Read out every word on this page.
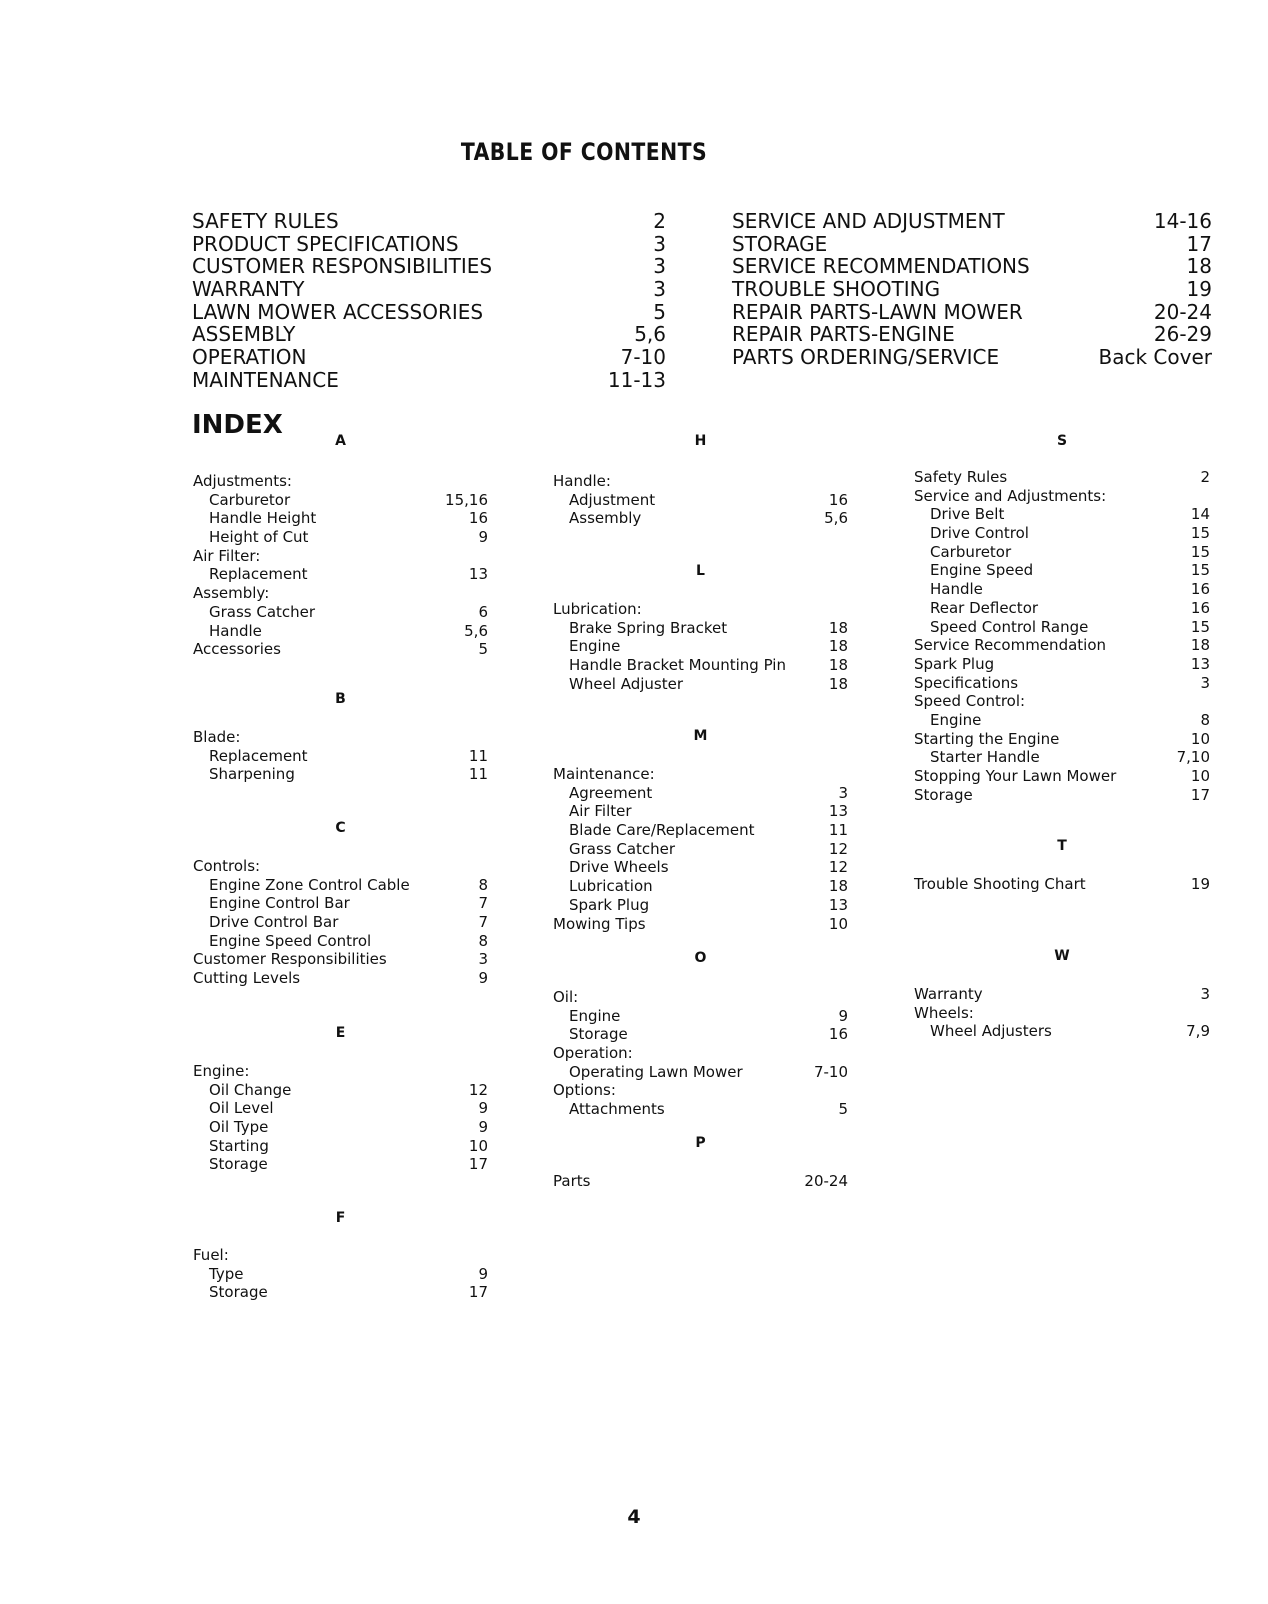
TABLE OF CONTENTS
SAFETY RULES	2
PRODUCT SPECIFICATIONS	3
CUSTOMER RESPONSIBILITIES	3
WARRANTY	3
LAWN MOWER ACCESSORIES	5
ASSEMBLY	5,6
OPERATION	7-10
MAINTENANCE	11-13
SERVICE AND ADJUSTMENT	14-16
STORAGE	17
SERVICE RECOMMENDATIONS	18
TROUBLE SHOOTING	19
REPAIR PARTS-LAWN MOWER	20-24
REPAIR PARTS-ENGINE	26-29
PARTS ORDERING/SERVICE	Back Cover
INDEX
A
Adjustments:
Carburetor	15,16
Handle Height	16
Height of Cut	9
Air Filter:
Replacement	13
Assembly:
Grass Catcher	6
Handle	5,6
Accessories	5
B
Blade:
Replacement	11
Sharpening	11
C
Controls:
Engine Zone Control Cable	8
Engine Control Bar	7
Drive Control Bar	7
Engine Speed Control	8
Customer Responsibilities	3
Cutting Levels	9
E
Engine:
Oil Change	12
Oil Level	9
Oil Type	9
Starting	10
Storage	17
F
Fuel:
Type	9
Storage	17
H
Handle:
Adjustment	16
Assembly	5,6
L
Lubrication:
Brake Spring Bracket	18
Engine	18
Handle Bracket Mounting Pin	18
Wheel Adjuster	18
M
Maintenance:
Agreement	3
Air Filter	13
Blade Care/Replacement	11
Grass Catcher	12
Drive Wheels	12
Lubrication	18
Spark Plug	13
Mowing Tips	10
O
Oil:
Engine	9
Storage	16
Operation:
Operating Lawn Mower	7-10
Options:
Attachments	5
P
Parts	20-24
S
Safety Rules	2
Service and Adjustments:
Drive Belt	14
Drive Control	15
Carburetor	15
Engine Speed	15
Handle	16
Rear Deflector	16
Speed Control Range	15
Service Recommendation	18
Spark Plug	13
Specifications	3
Speed Control:
Engine	8
Starting the Engine	10
Starter Handle	7,10
Stopping Your Lawn Mower	10
Storage	17
T
Trouble Shooting Chart	19
W
Warranty	3
Wheels:
Wheel Adjusters	7,9
4
